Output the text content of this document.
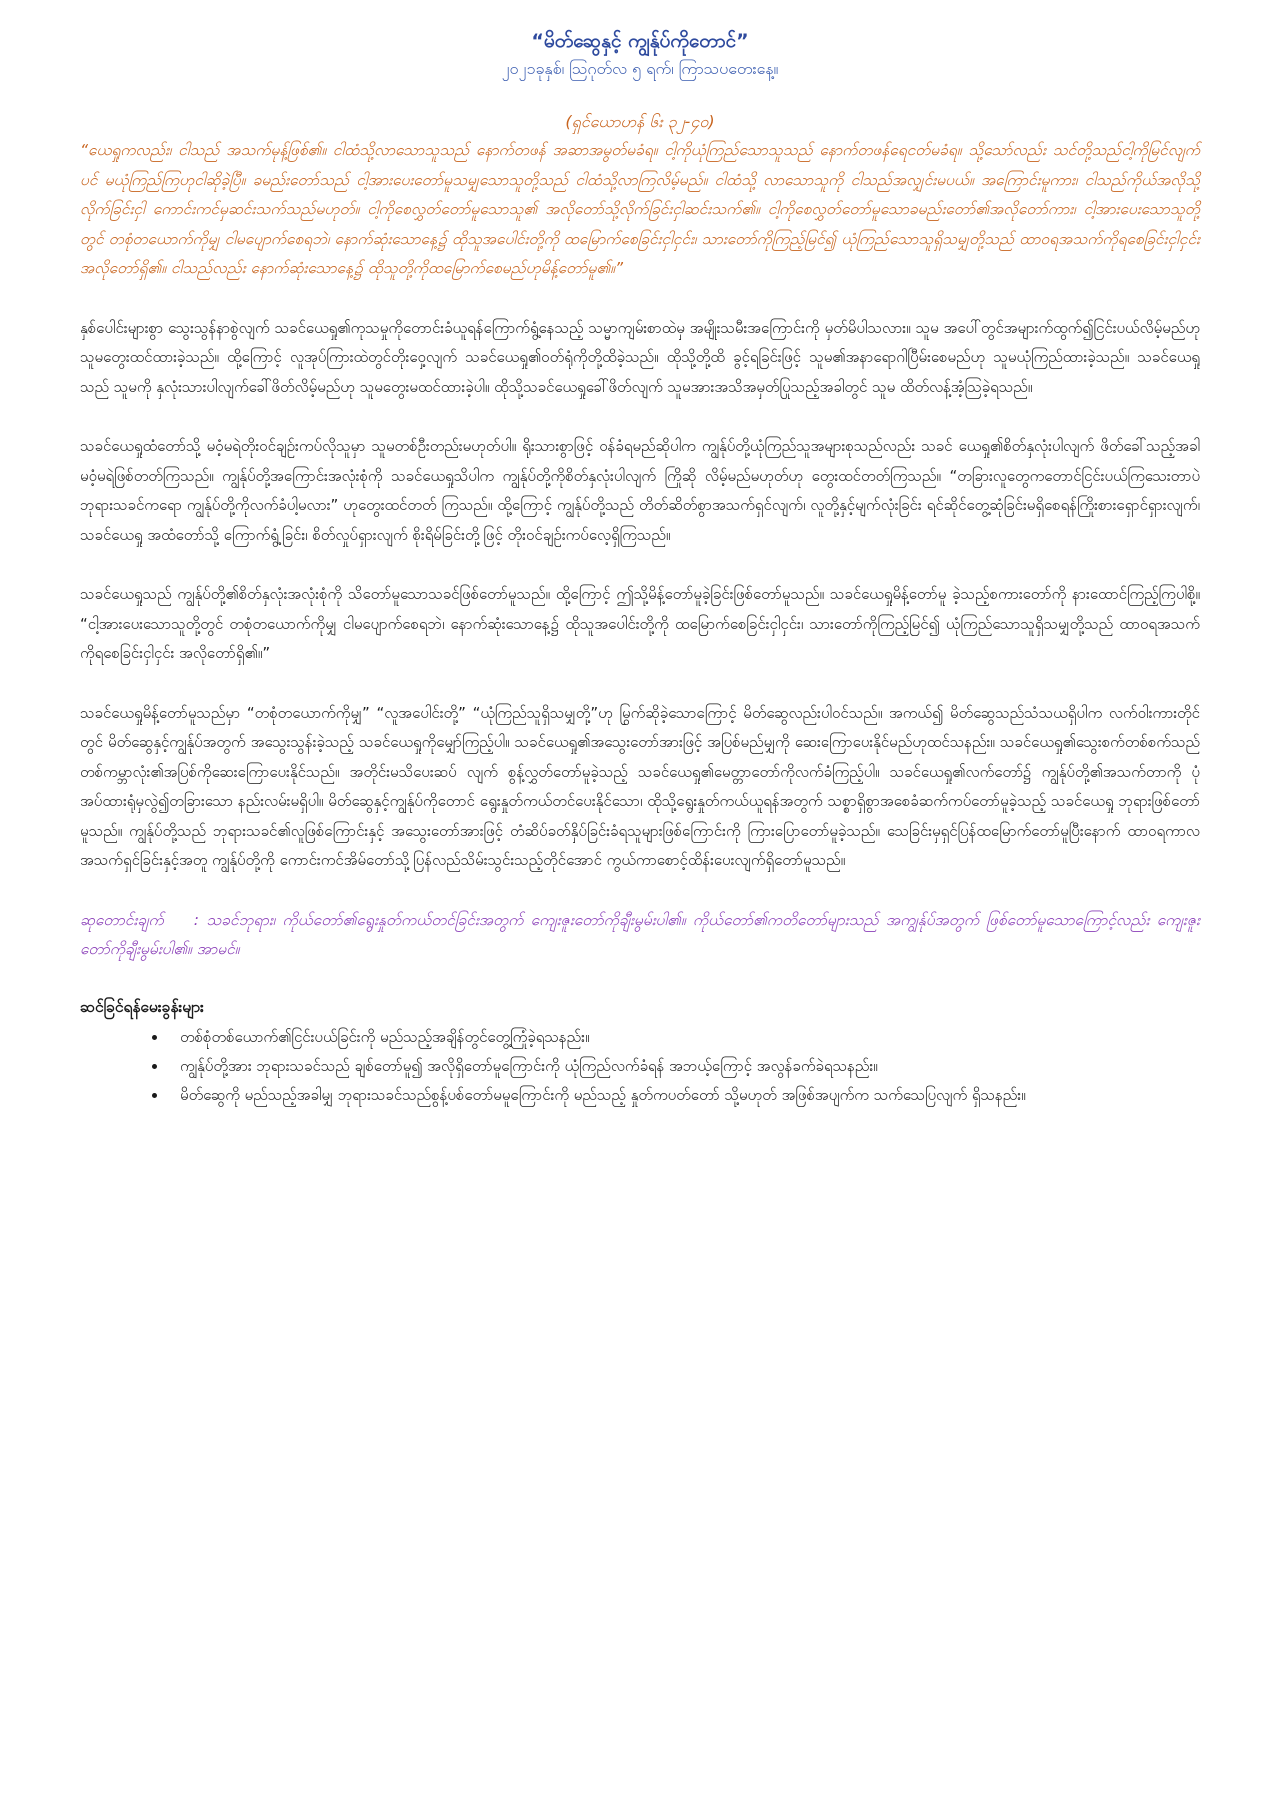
“မိတ်ဆွေနှင့် ကျွန်ုပ်ကိုတောင်”

၂၀၂၁ခုနှစ်၊ ဩဂုတ်လ ၅ ရက်၊ ကြာသပတေးနေ့။

(ရှင်ယောဟန် ၆း ၃၂-၄၀)

“ယေရှုကလည်း၊ ငါသည် အသက်မုန့်ဖြစ်၏။ ငါထံသို့လာသောသူသည် နောက်တဖန် အဆာအမွတ်မခံရ။ ငါ့ကိုယုံကြည်သောသူသည် နောက်တဖန်ရေငတ်မခံရ။ သို့သော်လည်း သင်တို့သည်ငါ့ကိုမြင်လျက်ပင် မယုံကြည်ကြဟုငါဆိုခဲ့ပြီ။ ခမည်းတော်သည် ငါ့အားပေးတော်မူသမျှသောသူတို့သည် ငါထံသို့လာကြလိမ့်မည်။ ငါထံသို့ လာသောသူကို ငါသည်အလျှင်းမပယ်။ အကြောင်းမူကား၊ ငါသည်ကိုယ်အလိုသို့လိုက်ခြင်းငှါ ကောင်းကင်မှဆင်းသက်သည်မဟုတ်။ ငါ့ကိုစေလွှတ်တော်မူသောသူ၏ အလိုတော်သို့လိုက်ခြင်းငှါဆင်းသက်၏။ ငါ့ကိုစေလွှတ်တော်မူသောခမည်းတော်၏အလိုတော်ကား၊ ငါ့အားပေးသောသူတို့တွင် တစုံတယောက်ကိုမျှ ငါမပျောက်စေရဘဲ၊ နောက်ဆုံးသောနေ့၌ ထိုသူအပေါင်းတို့ကို ထမြောက်စေခြင်းငှါငှင်း၊ သားတော်ကိုကြည့်မြင်၍ ယုံကြည်သောသူရှိသမျှတို့သည် ထာဝရအသက်ကိုရစေခြင်းငှါငှင်း အလိုတော်ရှိ၏။ ငါသည်လည်း နောက်ဆုံးသောနေ့၌ ထိုသူတို့ကိုထမြောက်စေမည်ဟုမိန့်တော်မူ၏။”

နှစ်ပေါင်းများစွာ သွေးသွန်နာစွဲလျက် သခင်ယေရှု၏ကုသမှုကိုတောင်းခံယူရန်ကြောက်ရွံ့နေသည့် သမ္မာကျမ်းစာထဲမှ အမျိုးသမီးအကြောင်းကို မှတ်မိပါသလား။ သူမ အပေါ်တွင်အများက်ထွက်၍ငြင်းပယ်လိမ့်မည်ဟု သူမတွေးထင်ထားခဲ့သည်။ ထို့ကြောင့် လူအုပ်ကြားထဲတွင်တိုးဝှေ့လျက် သခင်ယေရှု၏ဝတ်ရုံကိုတို့ထိခဲ့သည်။ ထိုသို့တို့ထိ ခွင့်ရခြင်းဖြင့် သူမ၏အနာရောဂါပြီမ်းစေမည်ဟု သူမယုံကြည်ထားခဲ့သည်။ သခင်ယေရှုသည် သူမကို နှလုံးသားပါလျက်ခေါ်ဖိတ်လိမ့်မည်ဟု သူမတွေးမထင်ထားခဲ့ပါ။ ထိုသို့သခင်ယေရှုခေါ်ဖိတ်လျက် သူမအားအသိအမှတ်ပြုသည့်အခါတွင် သူမ ထိတ်လန့်အံ့ဩခဲ့ရသည်။

သခင်ယေရှုထံတော်သို့ မဝံ့မရဲတိုးဝင်ချဉ်းကပ်လိုသူမှာ သူမတစ်ဦးတည်းမဟုတ်ပါ။ ရိုးသားစွာဖြင့် ဝန်ခံရမည်ဆိုပါက ကျွန်ုပ်တို့ယုံကြည်သူအများစုသည်လည်း သခင် ယေရှု၏စိတ်နှလုံးပါလျက် ဖိတ်ခေါ်သည့်အခါ မဝံ့မရဲဖြစ်တတ်ကြသည်။ ကျွန်ုပ်တို့အကြောင်းအလုံးစုံကို သခင်ယေရှုသိပါက ကျွန်ုပ်တို့ကိုစိတ်နှလုံးပါလျက် ကြိုဆို လိမ့်မည်မဟုတ်ဟု တွေးထင်တတ်ကြသည်။ “တခြားလူတွေကတောင်ငြင်းပယ်ကြသေးတာပဲ ဘုရားသခင်ကရော ကျွန်ုပ်တို့ကိုလက်ခံပါ့မလား” ဟုတွေးထင်တတ် ကြသည်။ ထို့ကြောင့် ကျွန်ုပ်တို့သည် တိတ်ဆိတ်စွာအသက်ရှင်လျက်၊ လူတို့နှင့်မျက်လုံးခြင်း ရင်ဆိုင်တွေ့ဆုံခြင်းမရှိစေရန်ကြိုးစားရှောင်ရှားလျက်၊ သခင်ယေရှု အထံတော်သို့ ကြောက်ရွံ့ခြင်း၊ စိတ်လှုပ်ရှားလျက် စိုးရိမ်ခြင်းတို့ဖြင့် တိုးဝင်ချဉ်းကပ်လေ့ရှိကြသည်။

သခင်ယေရှုသည် ကျွန်ုပ်တို့၏စိတ်နှလုံးအလုံးစုံကို သိတော်မူသောသခင်ဖြစ်တော်မူသည်။ ထို့ကြောင့် ဤသို့မိန့်တော်မူခဲ့ခြင်းဖြစ်တော်မူသည်။ သခင်ယေရှုမိန့်တော်မူ ခဲ့သည့်စကားတော်ကို နားထောင်ကြည့်ကြပါစို့။ “ငါ့အားပေးသောသူတို့တွင် တစုံတယောက်ကိုမျှ ငါမပျောက်စေရဘဲ၊ နောက်ဆုံးသောနေ့၌ ထိုသူအပေါင်းတို့ကို ထမြောက်စေခြင်းငှါငှင်း၊ သားတော်ကိုကြည့်မြင်၍ ယုံကြည်သောသူရှိသမျှတို့သည် ထာဝရအသက်ကိုရစေခြင်းငှါငှင်း အလိုတော်ရှိ၏။”

သခင်ယေရှုမိန့်တော်မူသည်မှာ “တစုံတယောက်ကိုမျှ” “လူအပေါင်းတို့” “ယုံကြည်သူရှိသမျှတို့”ဟု မြွက်ဆိုခဲ့သောကြောင့် မိတ်ဆွေလည်းပါဝင်သည်။ အကယ်၍ မိတ်ဆွေသည်သံသယရှိပါက လက်ဝါးကားတိုင်တွင် မိတ်ဆွေနှင့်ကျွန်ုပ်အတွက် အသွေးသွန်းခဲ့သည့် သခင်ယေရှုကိုမျှော်ကြည့်ပါ။ သခင်ယေရှု၏အသွေးတော်အားဖြင့် အပြစ်မည်မျှကို ဆေးကြောပေးနိုင်မည်ဟုထင်သနည်း။ သခင်ယေရှု၏သွေးစက်တစ်စက်သည် တစ်ကမ္ဘာလုံး၏အပြစ်ကိုဆေးကြောပေးနိုင်သည်။ အတိုင်းမသိပေးဆပ် လျက် စွန့်လွှတ်တော်မူခဲ့သည့် သခင်ယေရှု၏မေတ္တာတော်ကိုလက်ခံကြည့်ပါ။ သခင်ယေရှု၏လက်တော်၌ ကျွန်ုပ်တို့၏အသက်တာကို ပုံအပ်ထားရုံမှလွဲ၍တခြားသော နည်းလမ်းမရှိပါ။ မိတ်ဆွေနှင့်ကျွန်ုပ်ကိုတောင် ရွေးနှုတ်ကယ်တင်ပေးနိုင်သော၊ ထိုသို့ရွေးနှုတ်ကယ်ယူရန်အတွက် သစ္စာရှိစွာအစေခံဆက်ကပ်တော်မူခဲ့သည့် သခင်ယေရှု ဘုရားဖြစ်တော်မူသည်။ ကျွန်ုပ်တို့သည် ဘုရားသခင်၏လူဖြစ်ကြောင်းနှင့် အသွေးတော်အားဖြင့် တံဆိပ်ခတ်နှိပ်ခြင်းခံရသူများဖြစ်ကြောင်းကို ကြားပြောတော်မူခဲ့သည်။ သေခြင်းမှရှင်ပြန်ထမြောက်တော်မူပြီးနောက် ထာဝရကာလအသက်ရှင်ခြင်းနှင့်အတူ ကျွန်ုပ်တို့ကို ကောင်းကင်အိမ်တော်သို့ပြန်လည်သိမ်းသွင်းသည့်တိုင်အောင် ကွယ်ကာစောင့်ထိန်းပေးလျက်ရှိတော်မူသည်။

ဆုတောင်းချက် : သခင်ဘုရား၊ ကိုယ်တော်၏ရွေးနှုတ်ကယ်တင်ခြင်းအတွက် ကျေးဇူးတော်ကိုချီးမွမ်းပါ၏။ ကိုယ်တော်၏ကတိတော်များသည် အကျွန်ုပ်အတွက် ဖြစ်တော်မူသောကြောင့်လည်း ကျေးဇူးတော်ကိုချီးမွမ်းပါ၏။ အာမင်။

ဆင်ခြင်ရန်မေးခွန်းများ

• တစ်စုံတစ်ယောက်၏ငြင်းပယ်ခြင်းကို မည်သည့်အချိန်တွင်တွေ့ကြုံခဲ့ရသနည်း။
• ကျွန်ုပ်တို့အား ဘုရားသခင်သည် ချစ်တော်မူ၍ အလိုရှိတော်မူကြောင်းကို ယုံကြည်လက်ခံရန် အဘယ့်ကြောင့် အလွန်ခက်ခဲရသနည်း။
• မိတ်ဆွေကို မည်သည့်အခါမျှ ဘုရားသခင်သည်စွန့်ပစ်တော်မမူကြောင်းကို မည်သည့် နှုတ်ကပတ်တော် သို့မဟုတ် အဖြစ်အပျက်က သက်သေပြလျက် ရှိသနည်း။
